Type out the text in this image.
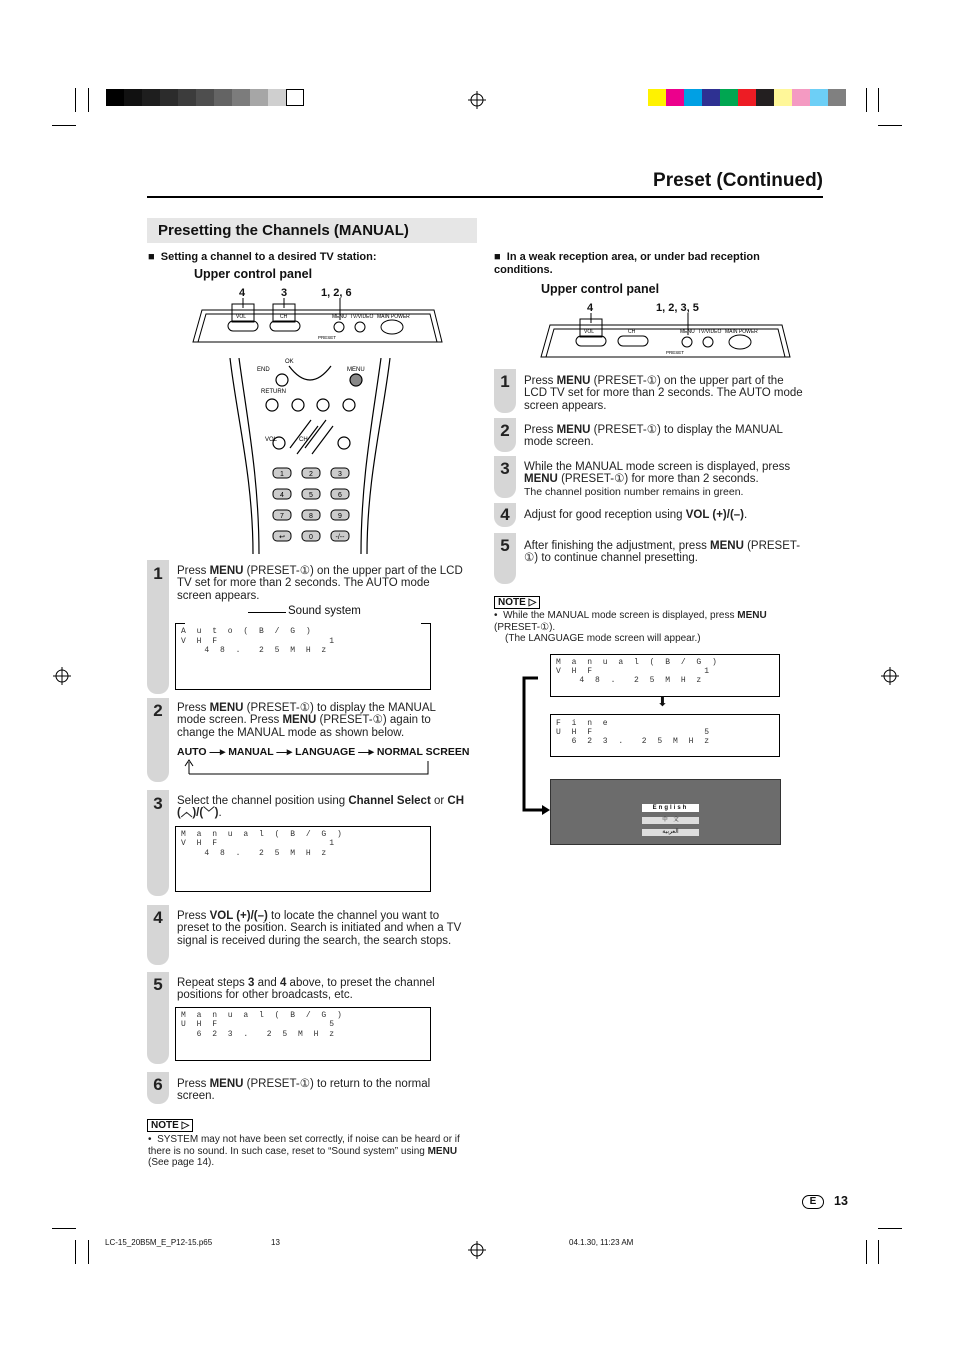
Preset (Continued)
Presetting the Channels (MANUAL)
■ Setting a channel to a desired TV station:
Upper control panel
4	3	1, 2, 6
VOL	CH	MENU TV/VIDEO MAIN POWER
PRESET
OK
END	MENU
RETURN
VOL	CH
1	2	3
4	5	6
7	8	9
↩	0	-/--
1	Press MENU (PRESET-①) on the upper part of the LCD TV set for more than 2 seconds. The AUTO mode screen appears.
Sound system
A u t o ( B / G )
V H F              1
4 8 .  2 5 M H z
2	Press MENU (PRESET-①) to display the MANUAL mode screen. Press MENU (PRESET-①) again to change the MANUAL mode as shown below.
AUTO —▸ MANUAL —▸ LANGUAGE —▸ NORMAL SCREEN
3	Select the channel position using Channel Select or CH (︿)/(﹀).
M a n u a l ( B / G )
V H F              1
4 8 .  2 5 M H z
4	Press VOL (+)/(–) to locate the channel you want to preset to the position. Search is initiated and when a TV signal is received during the search, the search stops.
5	Repeat steps 3 and 4 above, to preset the channel positions for other broadcasts, etc.
M a n u a l ( B / G )
U H F              5
6 2 3 .  2 5 M H z
6	Press MENU (PRESET-①) to return to the normal screen.
NOTE ▷
•  SYSTEM may not have been set correctly, if noise can be heard or if there is no sound. In such case, reset to “Sound system” using MENU (See page 14).
■ In a weak reception area, or under bad reception conditions.
Upper control panel
4	1, 2, 3, 5
VOL	CH	MENU TV/VIDEO MAIN POWER
PRESET
1	Press MENU (PRESET-①) on the upper part of the LCD TV set for more than 2 seconds. The AUTO mode screen appears.
2	Press MENU (PRESET-①) to display the MANUAL mode screen.
3	While the MANUAL mode screen is displayed, press MENU (PRESET-①) for more than 2 seconds.
The channel position number remains in green.
4	Adjust for good reception using VOL (+)/(–).
5	After finishing the adjustment, press MENU (PRESET-①) to continue channel presetting.
NOTE ▷
•  While the MANUAL mode screen is displayed, press MENU (PRESET-①).
(The LANGUAGE mode screen will appear.)
M a n u a l ( B / G )
V H F              1
4 8 .  2 5 M H z
⬇
F i n e
U H F              5
6 2 3 .  2 5 M H z
English
中　文
العربية
E	13
LC-15_20B5M_E_P12-15.p65	13	04.1.30, 11:23 AM
